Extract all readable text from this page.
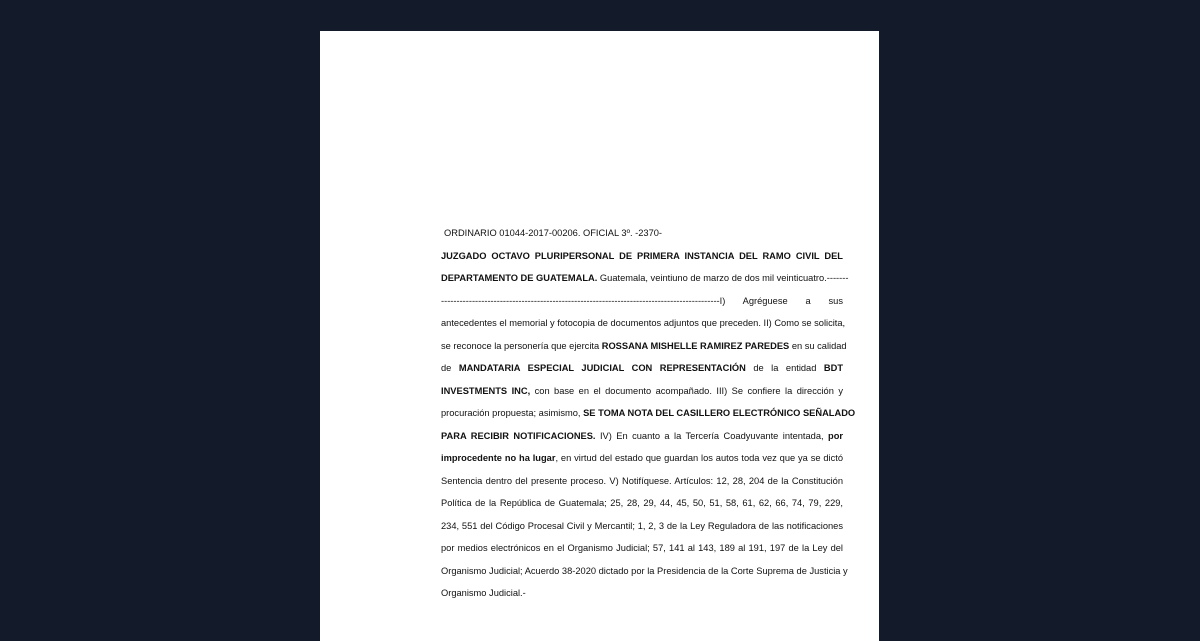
ORDINARIO 01044-2017-00206. OFICIAL 3º. -2370-
JUZGADO OCTAVO PLURIPERSONAL DE PRIMERA INSTANCIA DEL RAMO CIVIL DEL
DEPARTAMENTO DE GUATEMALA. Guatemala, veintiuno de marzo de dos mil veinticuatro.-------
------------------------------------------------------------------------------------------I) Agréguese a sus
antecedentes el memorial y fotocopia de documentos adjuntos que preceden. II) Como se solicita,
se reconoce la personería que ejercita ROSSANA MISHELLE RAMIREZ PAREDES en su calidad
de MANDATARIA ESPECIAL JUDICIAL CON REPRESENTACIÓN de la entidad BDT
INVESTMENTS INC, con base en el documento acompañado. III) Se confiere la dirección y
procuración propuesta; asimismo, SE TOMA NOTA DEL CASILLERO ELECTRÓNICO SEÑALADO
PARA RECIBIR NOTIFICACIONES. IV) En cuanto a la Tercería Coadyuvante intentada, por
improcedente no ha lugar, en virtud del estado que guardan los autos toda vez que ya se dictó
Sentencia dentro del presente proceso. V) Notifíquese. Artículos: 12, 28, 204 de la Constitución
Política de la República de Guatemala; 25, 28, 29, 44, 45, 50, 51, 58, 61, 62, 66, 74, 79, 229,
234, 551 del Código Procesal Civil y Mercantil; 1, 2, 3 de la Ley Reguladora de las notificaciones
por medios electrónicos en el Organismo Judicial; 57, 141 al 143, 189 al 191, 197 de la Ley del
Organismo Judicial; Acuerdo 38-2020 dictado por la Presidencia de la Corte Suprema de Justicia y
Organismo Judicial.-
